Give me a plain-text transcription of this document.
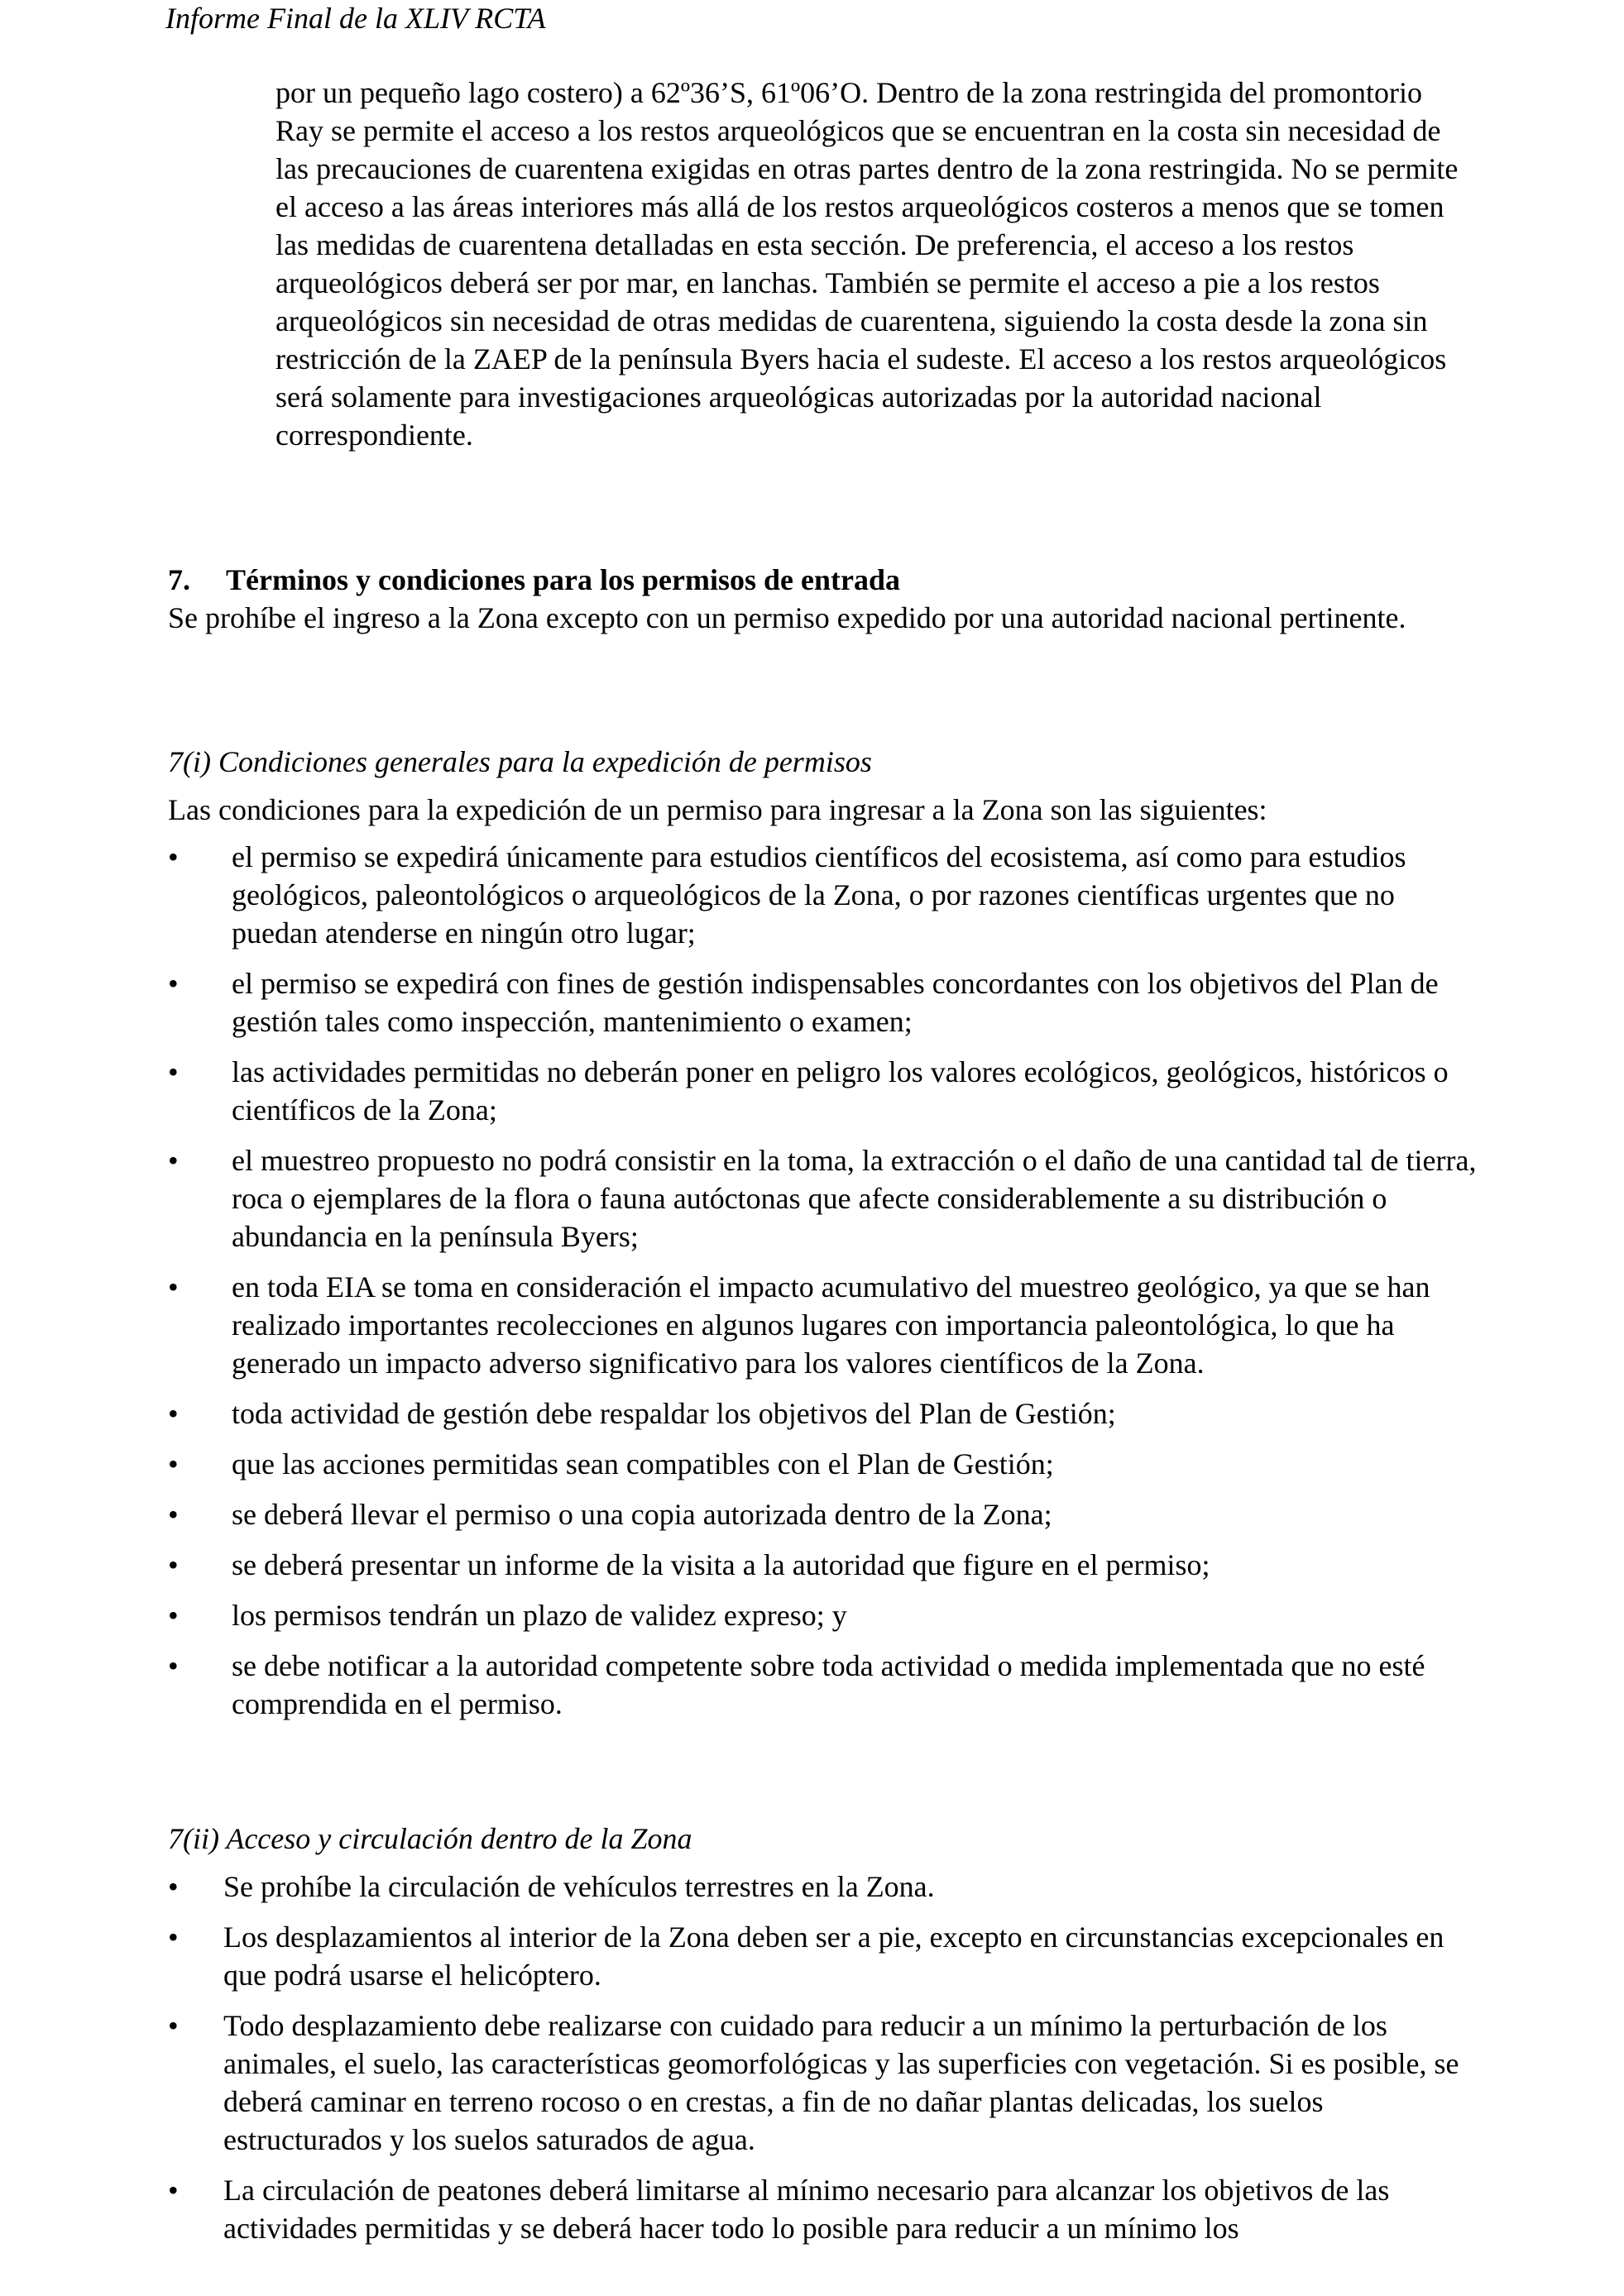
Informe Final de la XLIV RCTA

por un pequeño lago costero) a 62º36’S, 61º06’O. Dentro de la zona restringida del promontorio Ray se permite el acceso a los restos arqueológicos que se encuentran en la costa sin necesidad de las precauciones de cuarentena exigidas en otras partes dentro de la zona restringida. No se permite el acceso a las áreas interiores más allá de los restos arqueológicos costeros a menos que se tomen las medidas de cuarentena detalladas en esta sección. De preferencia, el acceso a los restos arqueológicos deberá ser por mar, en lanchas. También se permite el acceso a pie a los restos arqueológicos sin necesidad de otras medidas de cuarentena, siguiendo la costa desde la zona sin restricción de la ZAEP de la península Byers hacia el sudeste. El acceso a los restos arqueológicos será solamente para investigaciones arqueológicas autorizadas por la autoridad nacional correspondiente.

7. Términos y condiciones para los permisos de entrada
Se prohíbe el ingreso a la Zona excepto con un permiso expedido por una autoridad nacional pertinente.
7(i) Condiciones generales para la expedición de permisos
Las condiciones para la expedición de un permiso para ingresar a la Zona son las siguientes:
•	el permiso se expedirá únicamente para estudios científicos del ecosistema, así como para estudios geológicos, paleontológicos o arqueológicos de la Zona, o por razones científicas urgentes que no puedan atenderse en ningún otro lugar;
•	el permiso se expedirá con fines de gestión indispensables concordantes con los objetivos del Plan de gestión tales como inspección, mantenimiento o examen;
•	las actividades permitidas no deberán poner en peligro los valores ecológicos, geológicos, históricos o científicos de la Zona;
•	el muestreo propuesto no podrá consistir en la toma, la extracción o el daño de una cantidad tal de tierra, roca o ejemplares de la flora o fauna autóctonas que afecte considerablemente a su distribución o abundancia en la península Byers;
•	en toda EIA se toma en consideración el impacto acumulativo del muestreo geológico, ya que se han realizado importantes recolecciones en algunos lugares con importancia paleontológica, lo que ha generado un impacto adverso significativo para los valores científicos de la Zona.
•	toda actividad de gestión debe respaldar los objetivos del Plan de Gestión;
•	que las acciones permitidas sean compatibles con el Plan de Gestión;
•	se deberá llevar el permiso o una copia autorizada dentro de la Zona;
•	se deberá presentar un informe de la visita a la autoridad que figure en el permiso;
•	los permisos tendrán un plazo de validez expreso; y
•	se debe notificar a la autoridad competente sobre toda actividad o medida implementada que no esté comprendida en el permiso.
7(ii) Acceso y circulación dentro de la Zona
•	Se prohíbe la circulación de vehículos terrestres en la Zona.
•	Los desplazamientos al interior de la Zona deben ser a pie, excepto en circunstancias excepcionales en que podrá usarse el helicóptero.
•	Todo desplazamiento debe realizarse con cuidado para reducir a un mínimo la perturbación de los animales, el suelo, las características geomorfológicas y las superficies con vegetación. Si es posible, se deberá caminar en terreno rocoso o en crestas, a fin de no dañar plantas delicadas, los suelos estructurados y los suelos saturados de agua.
•	La circulación de peatones deberá limitarse al mínimo necesario para alcanzar los objetivos de las actividades permitidas y se deberá hacer todo lo posible para reducir a un mínimo los
